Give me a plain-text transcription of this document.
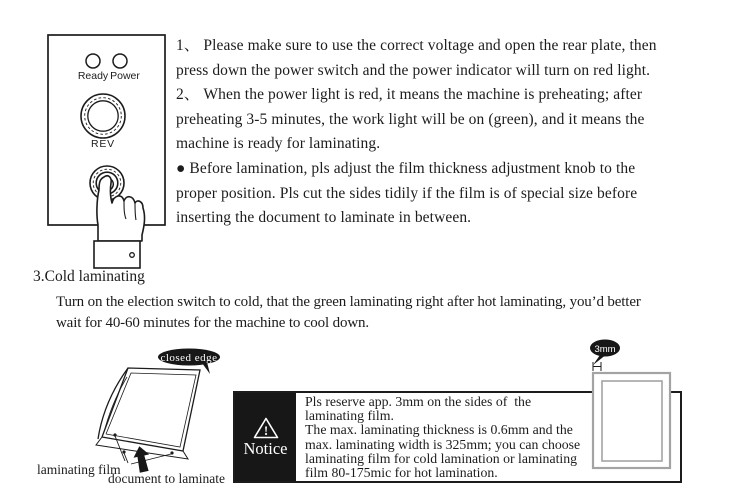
Ready Power
REV
1、 Please make sure to use the correct voltage and open the rear plate, then
press down the power switch and the power indicator will turn on red light.
2、 When the power light is red, it means the machine is preheating; after
preheating 3-5 minutes, the work light will be on (green), and it means the
machine is ready for laminating.
● Before lamination, pls adjust the film thickness adjustment knob to the
proper position. Pls cut the sides tidily if the film is of special size before
inserting the document to laminate in between.
3.Cold laminating
Turn on the election switch to cold, that the green laminating right after hot laminating, you’d better
wait for 40-60 minutes for the machine to cool down.
closed edge
laminating film
document to laminate
!
Notice
Pls reserve app. 3mm on the sides of  the
laminating film.
The max. laminating thickness is 0.6mm and the
max. laminating width is 325mm; you can choose
laminating film for cold lamination or laminating
film 80-175mic for hot lamination.
3mm
